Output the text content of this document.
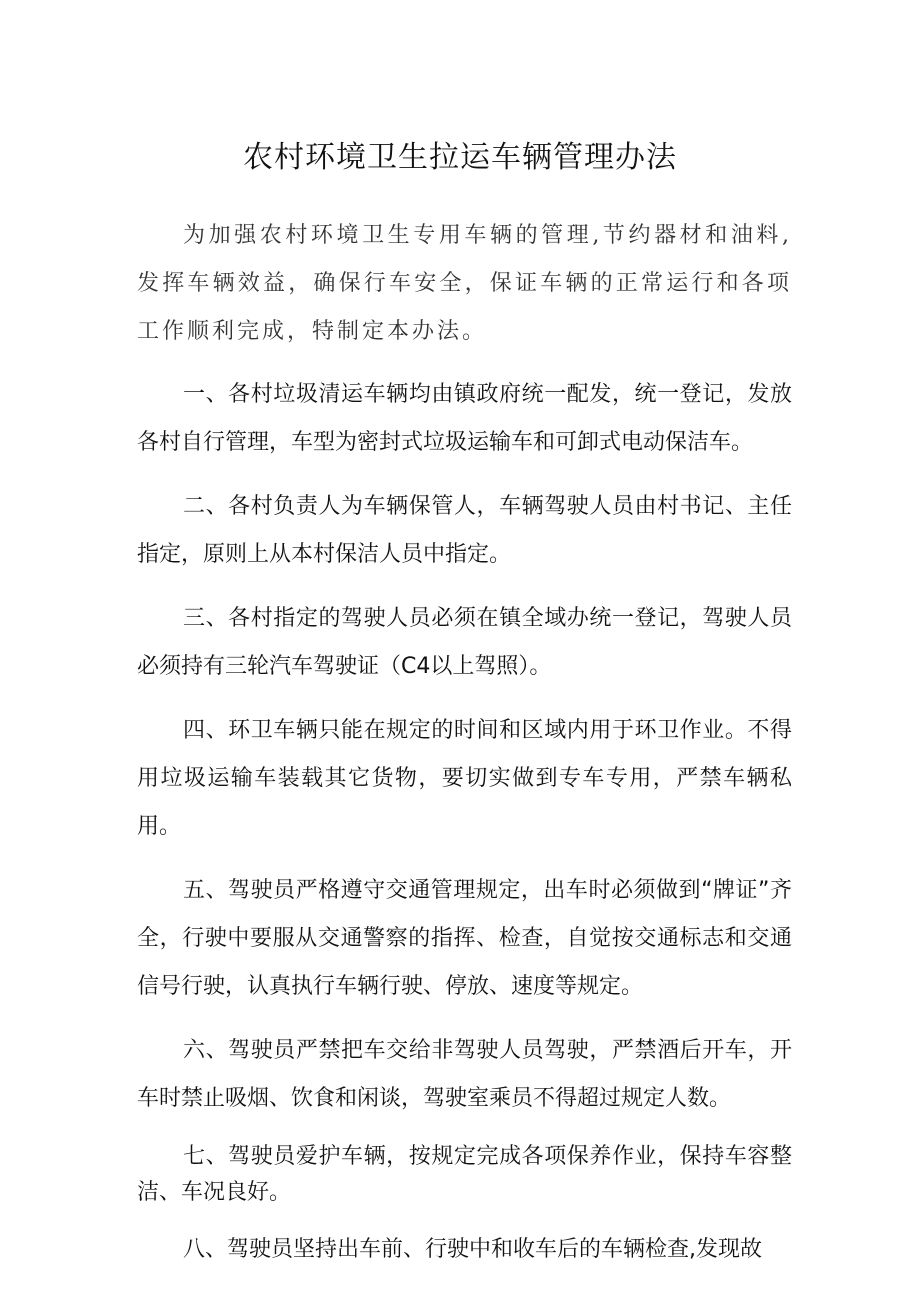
农村环境卫生拉运车辆管理办法

为加强农村环境卫生专用车辆的管理,节约器材和油料,发挥车辆效益，确保行车安全，保证车辆的正常运行和各项工作顺利完成，特制定本办法。

一、各村垃圾清运车辆均由镇政府统一配发，统一登记，发放各村自行管理，车型为密封式垃圾运输车和可卸式电动保洁车。

二、各村负责人为车辆保管人，车辆驾驶人员由村书记、主任指定，原则上从本村保洁人员中指定。

三、各村指定的驾驶人员必须在镇全域办统一登记，驾驶人员必须持有三轮汽车驾驶证（C4以上驾照）。

四、环卫车辆只能在规定的时间和区域内用于环卫作业。不得用垃圾运输车装载其它货物，要切实做到专车专用，严禁车辆私用。

五、驾驶员严格遵守交通管理规定，出车时必须做到“牌证”齐全，行驶中要服从交通警察的指挥、检查，自觉按交通标志和交通信号行驶，认真执行车辆行驶、停放、速度等规定。

六、驾驶员严禁把车交给非驾驶人员驾驶，严禁酒后开车，开车时禁止吸烟、饮食和闲谈，驾驶室乘员不得超过规定人数。

七、驾驶员爱护车辆，按规定完成各项保养作业，保持车容整洁、车况良好。

八、驾驶员坚持出车前、行驶中和收车后的车辆检查,发现故
